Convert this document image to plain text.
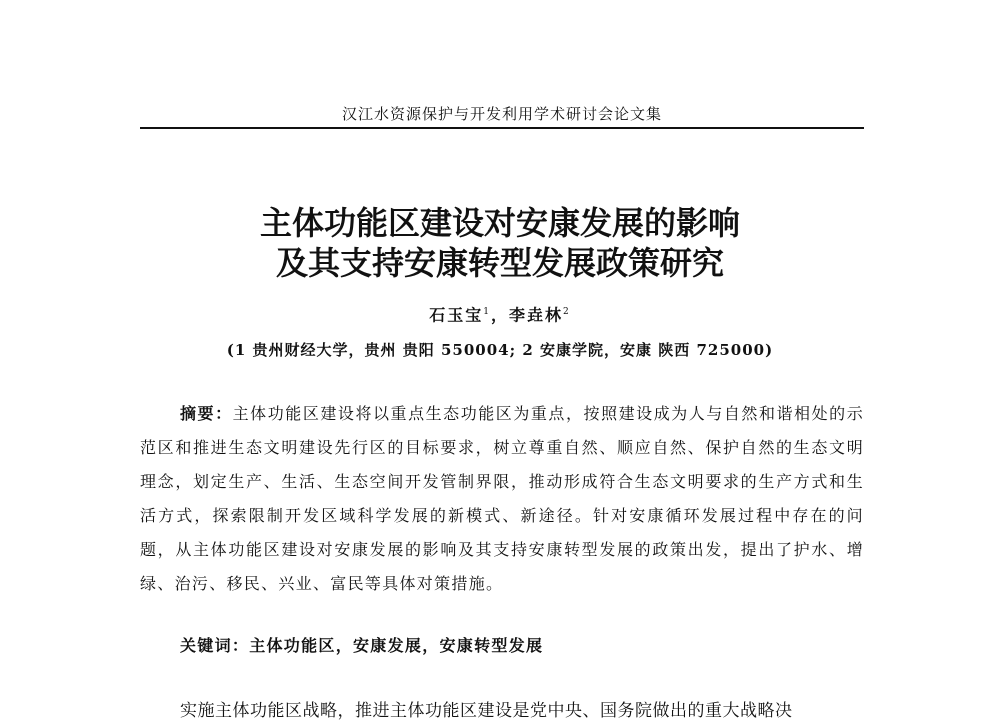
汉江水资源保护与开发利用学术研讨会论文集
主体功能区建设对安康发展的影响
及其支持安康转型发展政策研究
石玉宝$^1$，李垚林$^2$
(1 贵州财经大学，贵州 贵阳 550004; 2 安康学院，安康 陕西 725000)
摘要：主体功能区建设将以重点生态功能区为重点，按照建设成为人与自然和谐相处的示范区和推进生态文明建设先行区的目标要求，树立尊重自然、顺应自然、保护自然的生态文明理念，划定生产、生活、生态空间开发管制界限，推动形成符合生态文明要求的生产方式和生活方式，探索限制开发区域科学发展的新模式、新途径。针对安康循环发展过程中存在的问题，从主体功能区建设对安康发展的影响及其支持安康转型发展的政策出发，提出了护水、增绿、治污、移民、兴业、富民等具体对策措施。
关键词：主体功能区，安康发展，安康转型发展
实施主体功能区战略，推进主体功能区建设是党中央、国务院做出的重大战略决
